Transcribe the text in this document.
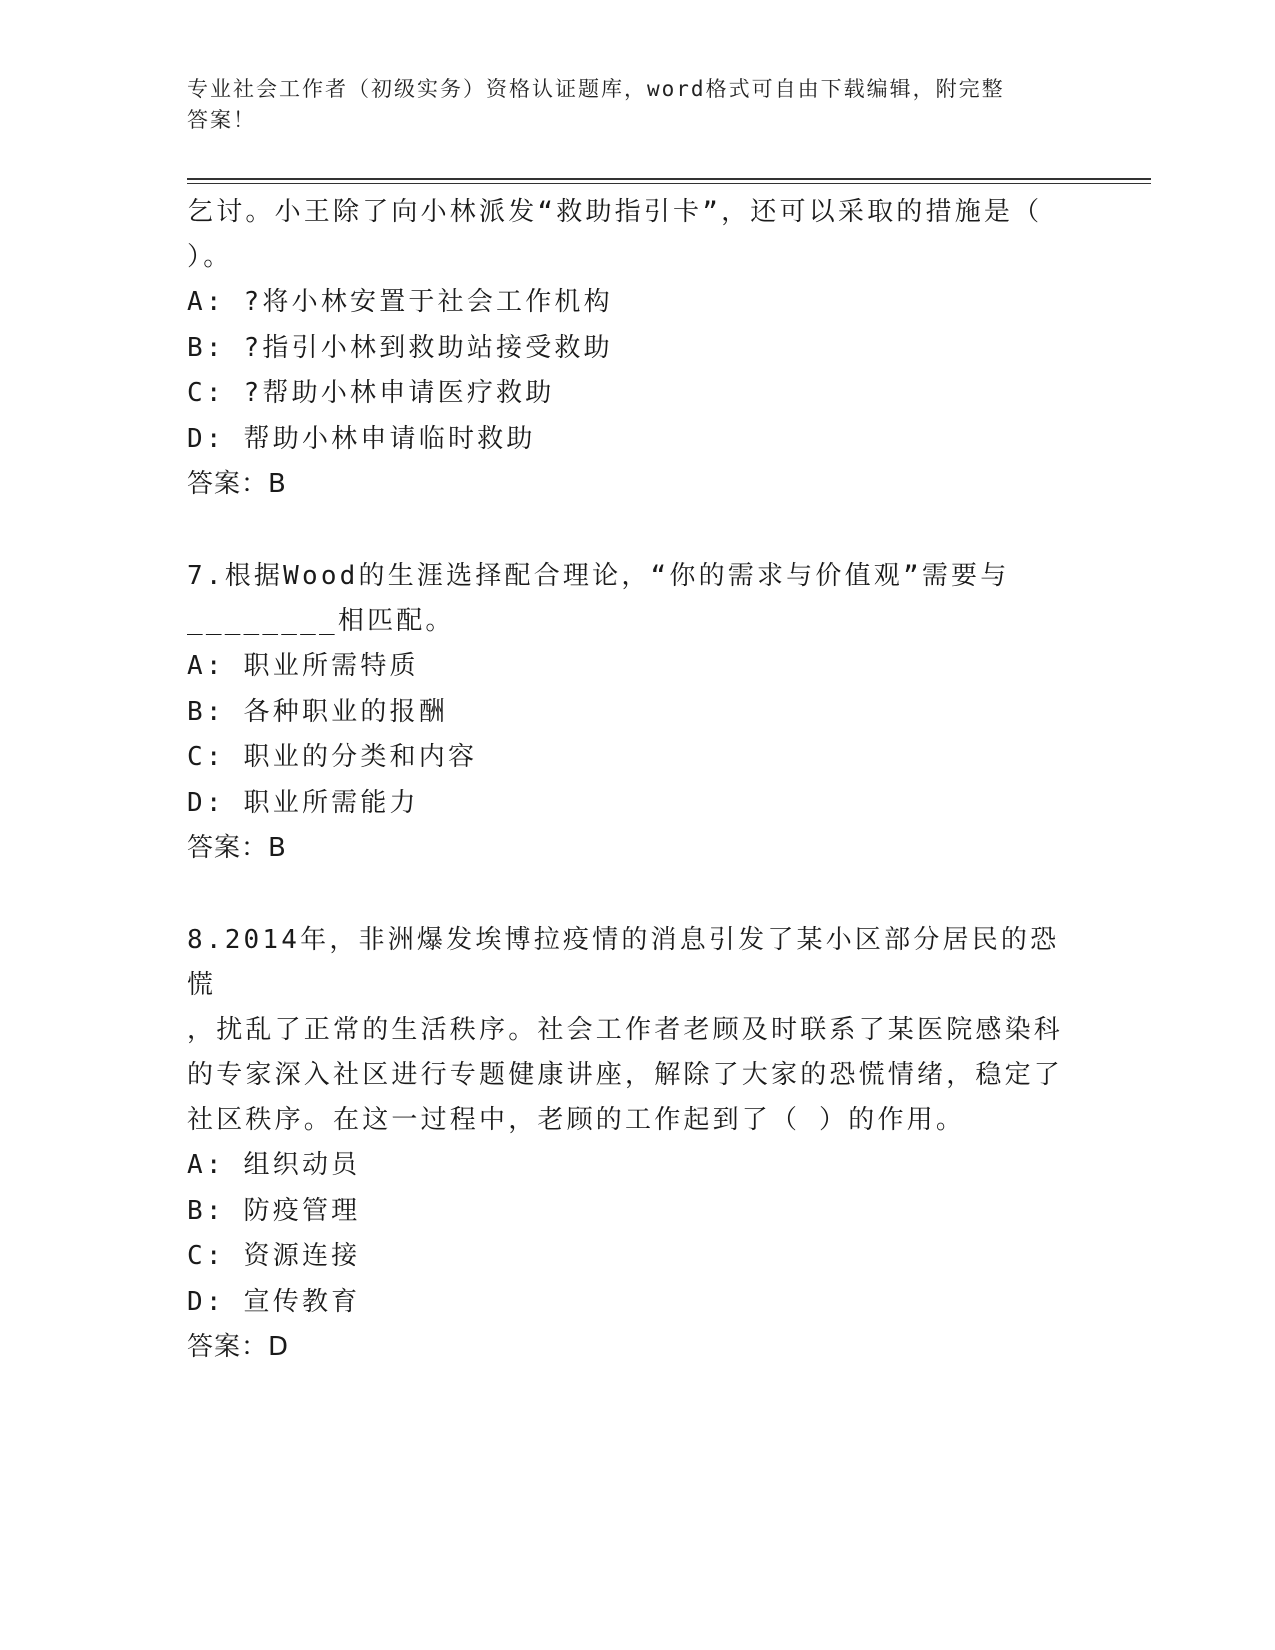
专业社会工作者（初级实务）资格认证题库，word格式可自由下载编辑，附完整
答案！

乞讨。小王除了向小林派发“救助指引卡”，还可以采取的措施是（

）。

A: ?将小林安置于社会工作机构

B: ?指引小林到救助站接受救助

C: ?帮助小林申请医疗救助

D: 帮助小林申请临时救助

答案：B

7.根据Wood的生涯选择配合理论，“你的需求与价值观”需要与

________相匹配。

A: 职业所需特质

B: 各种职业的报酬

C: 职业的分类和内容

D: 职业所需能力

答案：B

8.2014年，非洲爆发埃博拉疫情的消息引发了某小区部分居民的恐慌

，扰乱了正常的生活秩序。社会工作者老顾及时联系了某医院感染科

的专家深入社区进行专题健康讲座，解除了大家的恐慌情绪，稳定了

社区秩序。在这一过程中，老顾的工作起到了（ ）的作用。

A: 组织动员

B: 防疫管理

C: 资源连接

D: 宣传教育

答案：D
